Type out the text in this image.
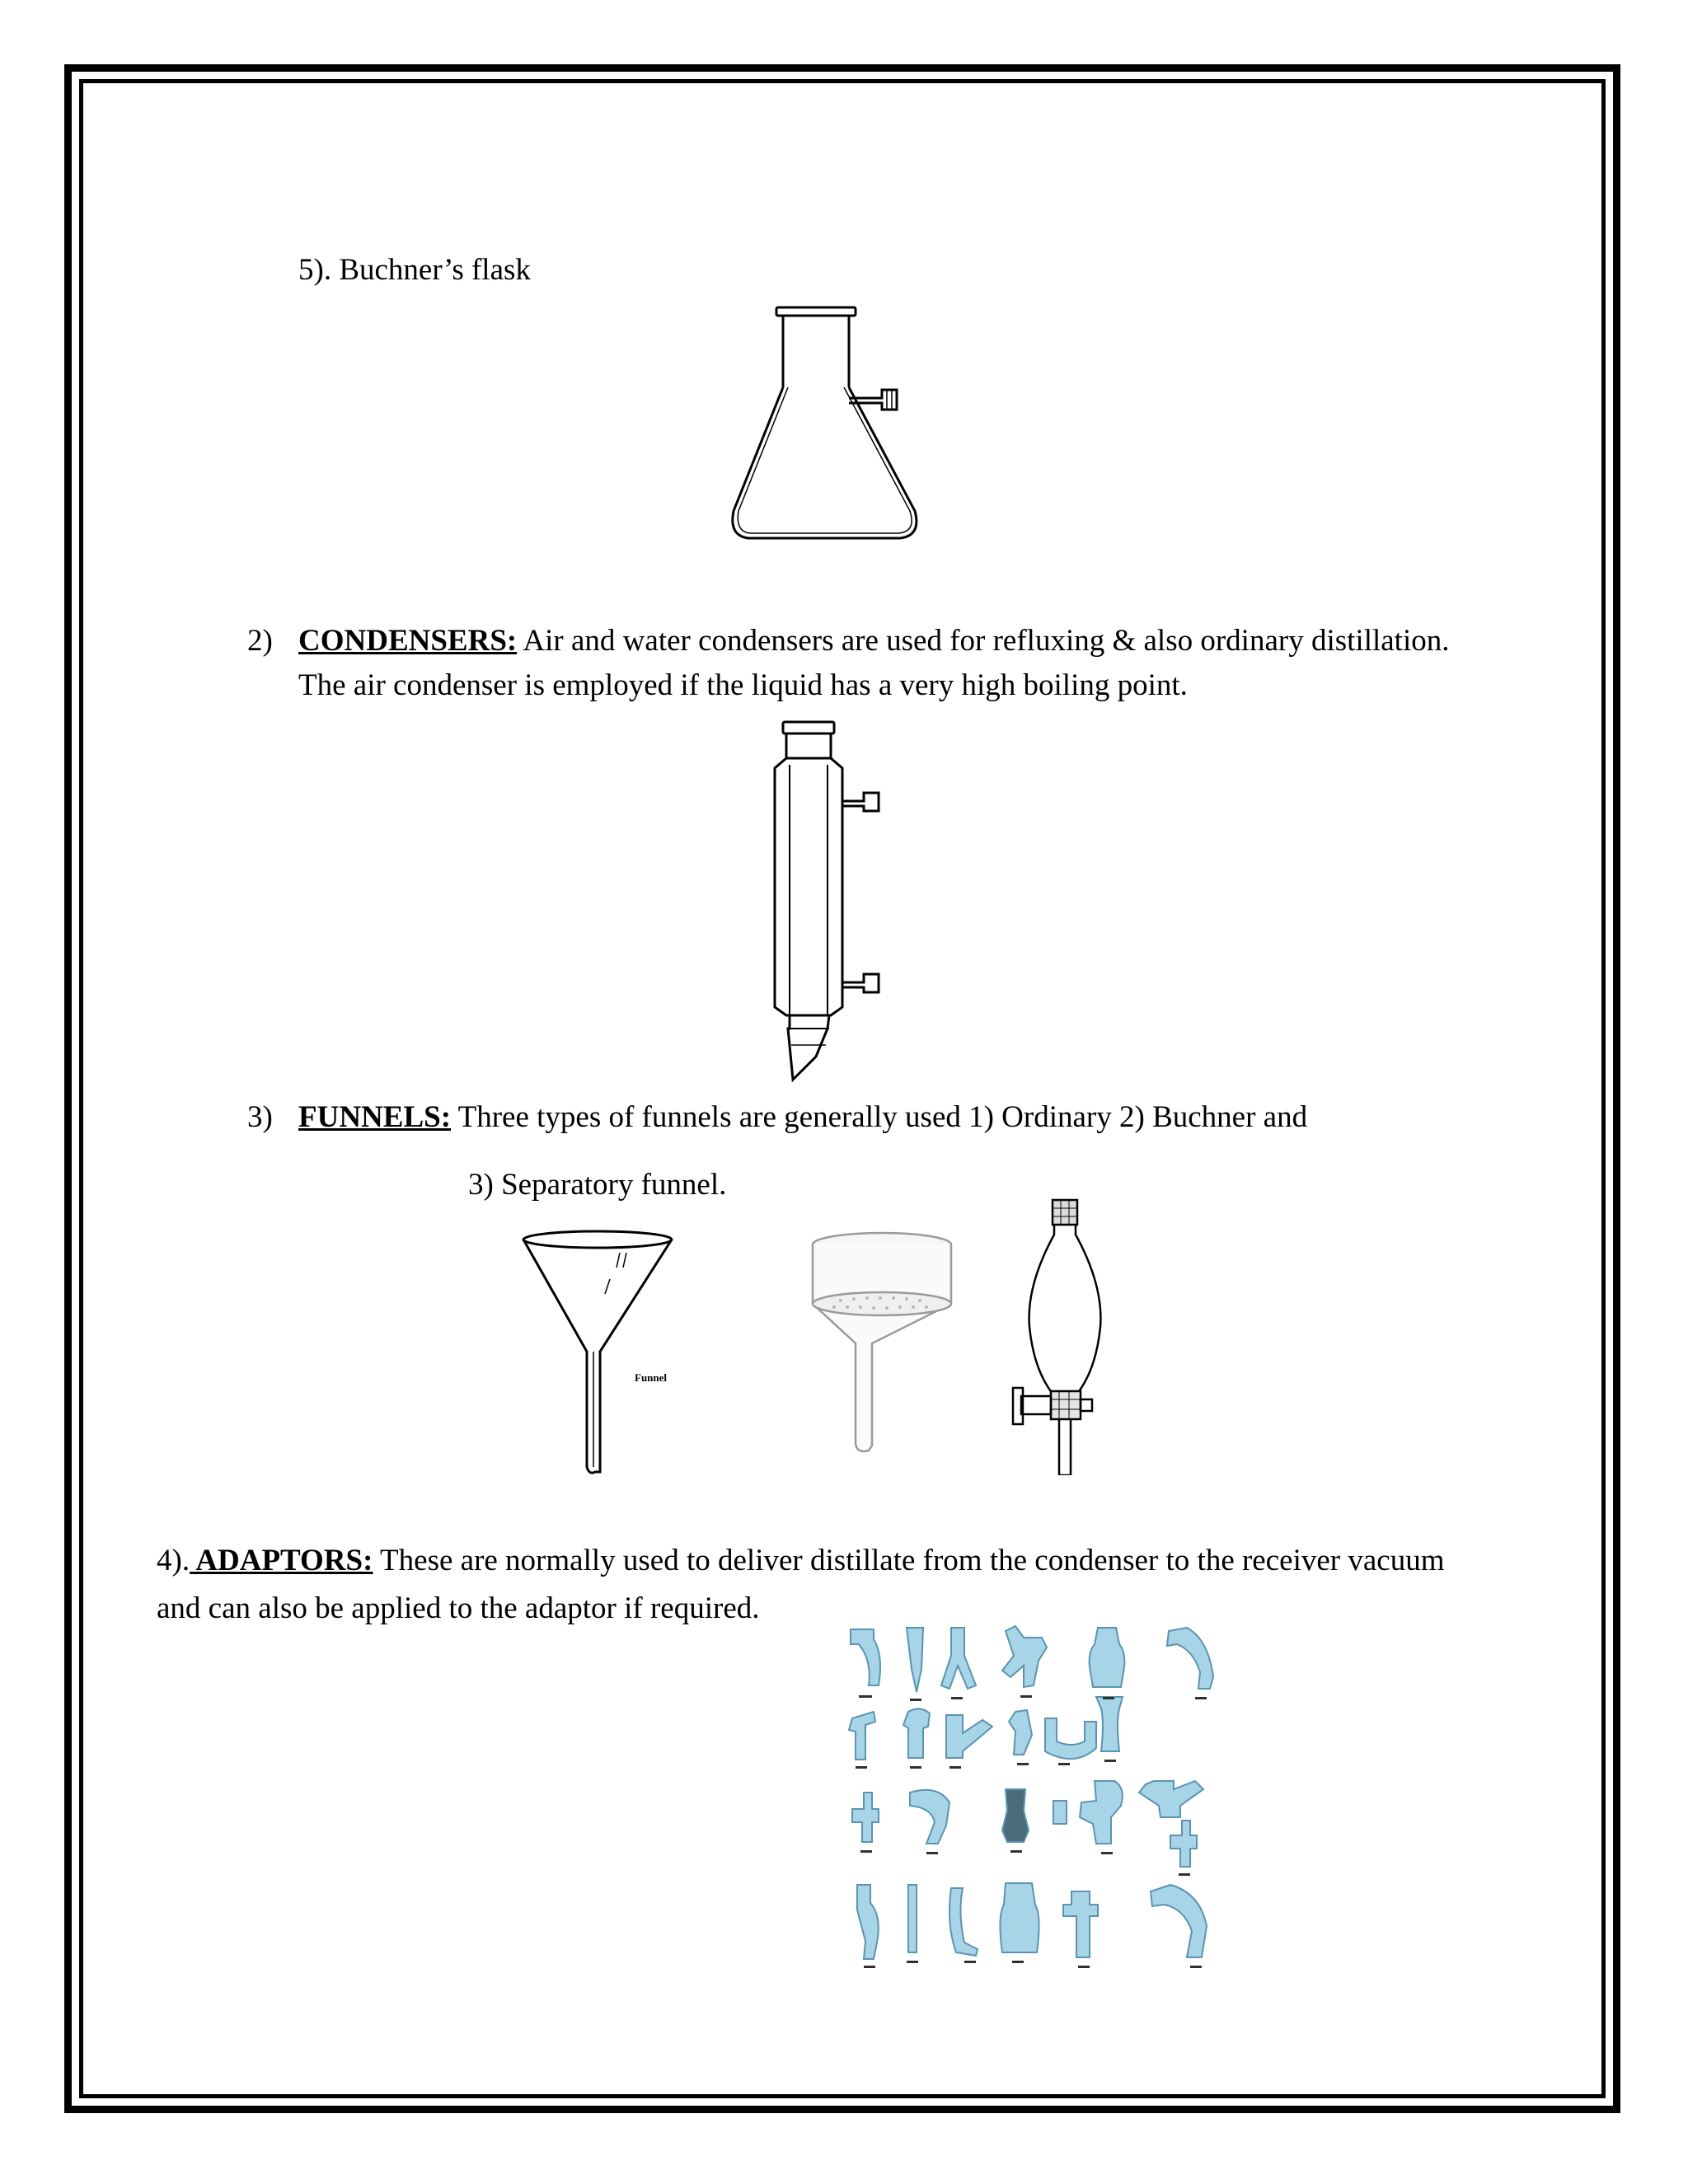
5). Buchner’s flask
2) CONDENSERS: Air and water condensers are used for refluxing & also ordinary distillation.
The air condenser is employed if the liquid has a very high boiling point.
3) FUNNELS: Three types of funnels are generally used 1) Ordinary 2) Buchner and
3) Separatory funnel.
Funnel
4). ADAPTORS: These are normally used to deliver distillate from the condenser to the receiver vacuum
and can also be applied to the adaptor if required.
